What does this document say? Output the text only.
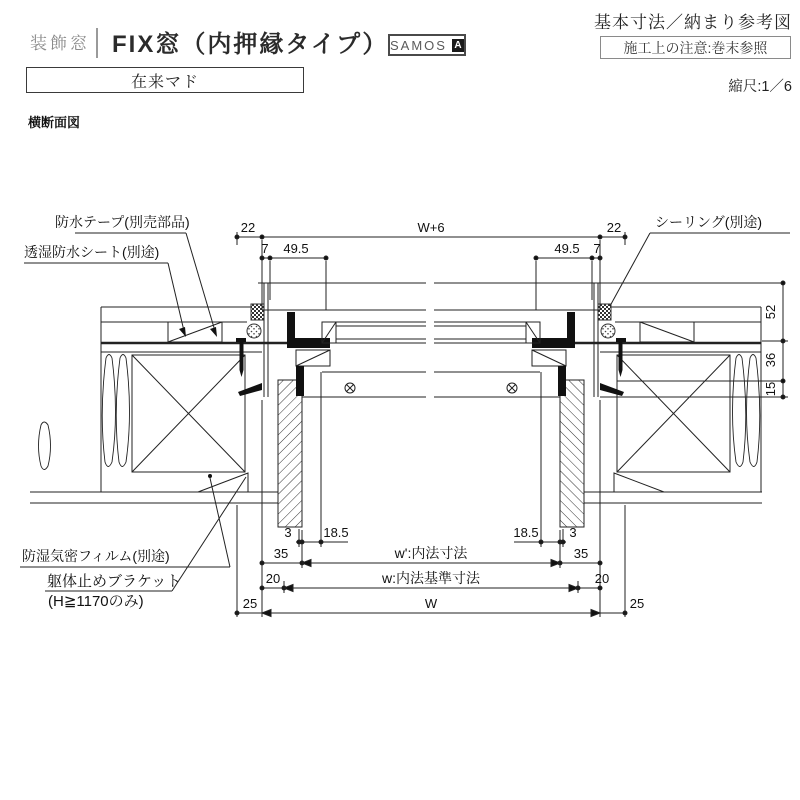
装飾窓 FIX窓（内押縁タイプ） SAMOS A
在来マド
基本寸法／納まり参考図
施工上の注意:巻末参照
縮尺:1／6
横断面図
防水テープ(別売部品)
透湿防水シート(別途)
シーリング(別途)
防湿気密フィルム(別途)
躯体止めブラケット
(H≧1170のみ)
22	W+6	22
7 49.5	49.5 7
52
36
15
3 18.5	18.5 3
35	w':内法寸法	35
20	w:内法基準寸法	20
25	W	25
